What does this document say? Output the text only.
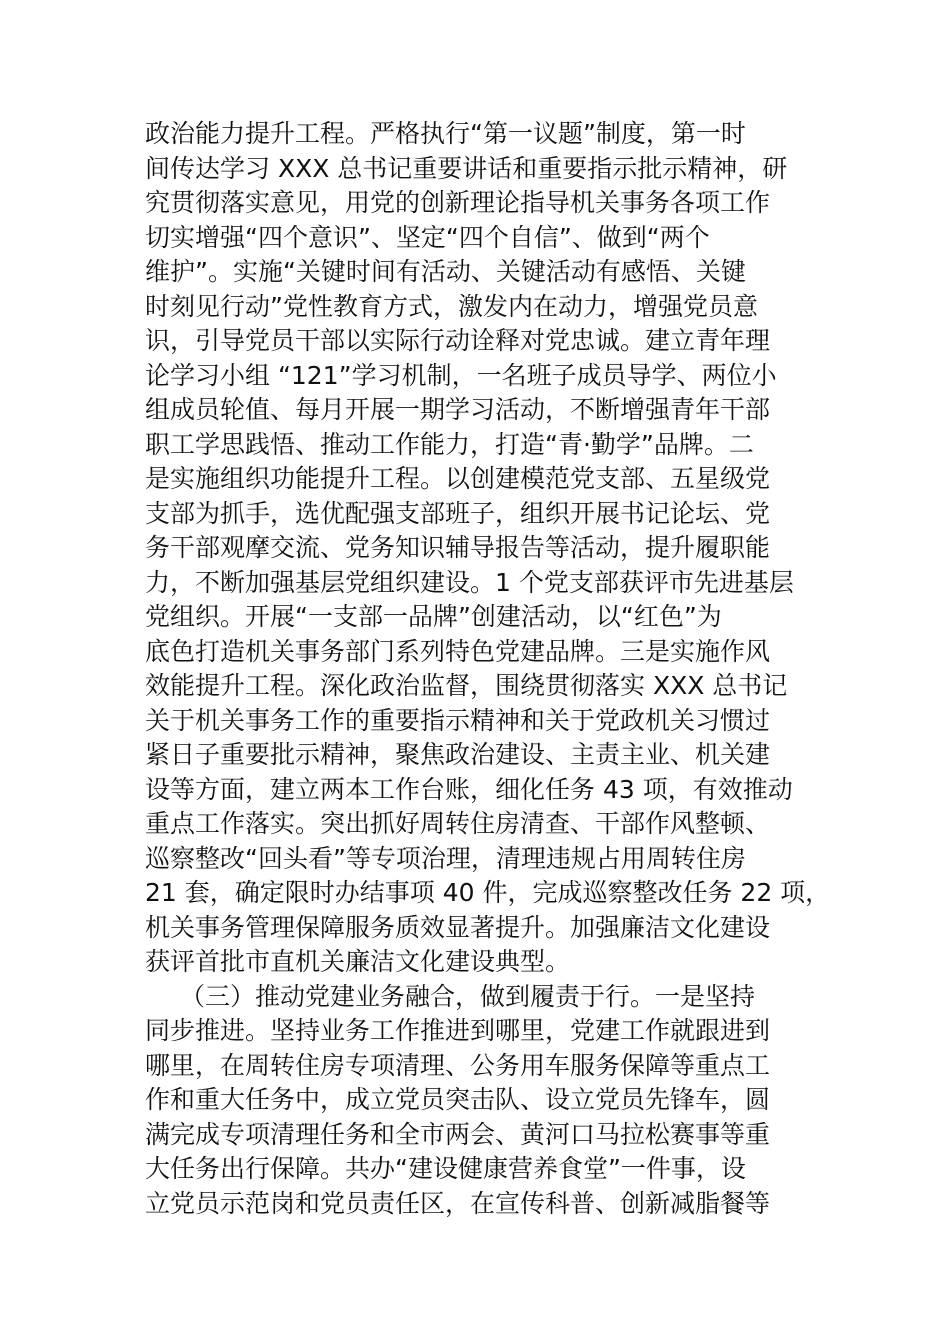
政治能力提升工程。严格执行“第一议题”制度，第一时
间传达学习 XXX 总书记重要讲话和重要指示批示精神，研
究贯彻落实意见，用党的创新理论指导机关事务各项工作
切实增强“四个意识”、坚定“四个自信”、做到“两个
维护”。实施“关键时间有活动、关键活动有感悟、关键
时刻见行动”党性教育方式，激发内在动力，增强党员意
识，引导党员干部以实际行动诠释对党忠诚。建立青年理
论学习小组 “121”学习机制，一名班子成员导学、两位小
组成员轮值、每月开展一期学习活动，不断增强青年干部
职工学思践悟、推动工作能力，打造“青·勤学”品牌。二
是实施组织功能提升工程。以创建模范党支部、五星级党
支部为抓手，选优配强支部班子，组织开展书记论坛、党
务干部观摩交流、党务知识辅导报告等活动，提升履职能
力，不断加强基层党组织建设。1 个党支部获评市先进基层
党组织。开展“一支部一品牌”创建活动，以“红色”为
底色打造机关事务部门系列特色党建品牌。三是实施作风
效能提升工程。深化政治监督，围绕贯彻落实 XXX 总书记
关于机关事务工作的重要指示精神和关于党政机关习惯过
紧日子重要批示精神，聚焦政治建设、主责主业、机关建
设等方面，建立两本工作台账，细化任务 43 项，有效推动
重点工作落实。突出抓好周转住房清查、干部作风整顿、
巡察整改“回头看”等专项治理，清理违规占用周转住房
21 套，确定限时办结事项 40 件，完成巡察整改任务 22 项，
机关事务管理保障服务质效显著提升。加强廉洁文化建设
获评首批市直机关廉洁文化建设典型。
（三）推动党建业务融合，做到履责于行。一是坚持
同步推进。坚持业务工作推进到哪里，党建工作就跟进到
哪里，在周转住房专项清理、公务用车服务保障等重点工
作和重大任务中，成立党员突击队、设立党员先锋车，圆
满完成专项清理任务和全市两会、黄河口马拉松赛事等重
大任务出行保障。共办“建设健康营养食堂”一件事，设
立党员示范岗和党员责任区，在宣传科普、创新减脂餐等
